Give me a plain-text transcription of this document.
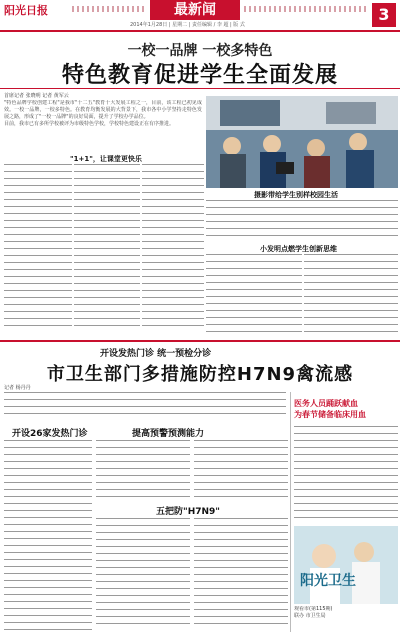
阳光日报	最新闻
2014年1月28日 | 星期二 | 责任编辑 / 李 超 | 版 式
3
一校一品牌 一校多特色
特色教育促进学生全面发展
首席记者 张晓明 记者 黄军云
"特色品牌学校创建工程"是我市"十二五"教育十大发展工程之一，目前，该工程已初见成效。一校一品牌，一校多特色。在教育均衡发展的大背景下，我市各中小学坚持走特色发展之路，形成了"一校一品牌"的良好局面，提升了学校办学品位。
目前，我市已有多所学校被评为市级特色学校，学校特色建设正在有序推进。
摄影带给学生别样校园生活
"1+1"，让课堂更快乐
小发明点燃学生创新思维
开设发热门诊 统一预检分诊
市卫生部门多措施防控H7N9禽流感
记者 杨丹丹
开设26家发热门诊	提高预警预测能力
五把防"H7N9"
医务人员踊跃献血
为春节储备临床用血
阳光卫生
观看市(第115期)
联办 市卫生局
